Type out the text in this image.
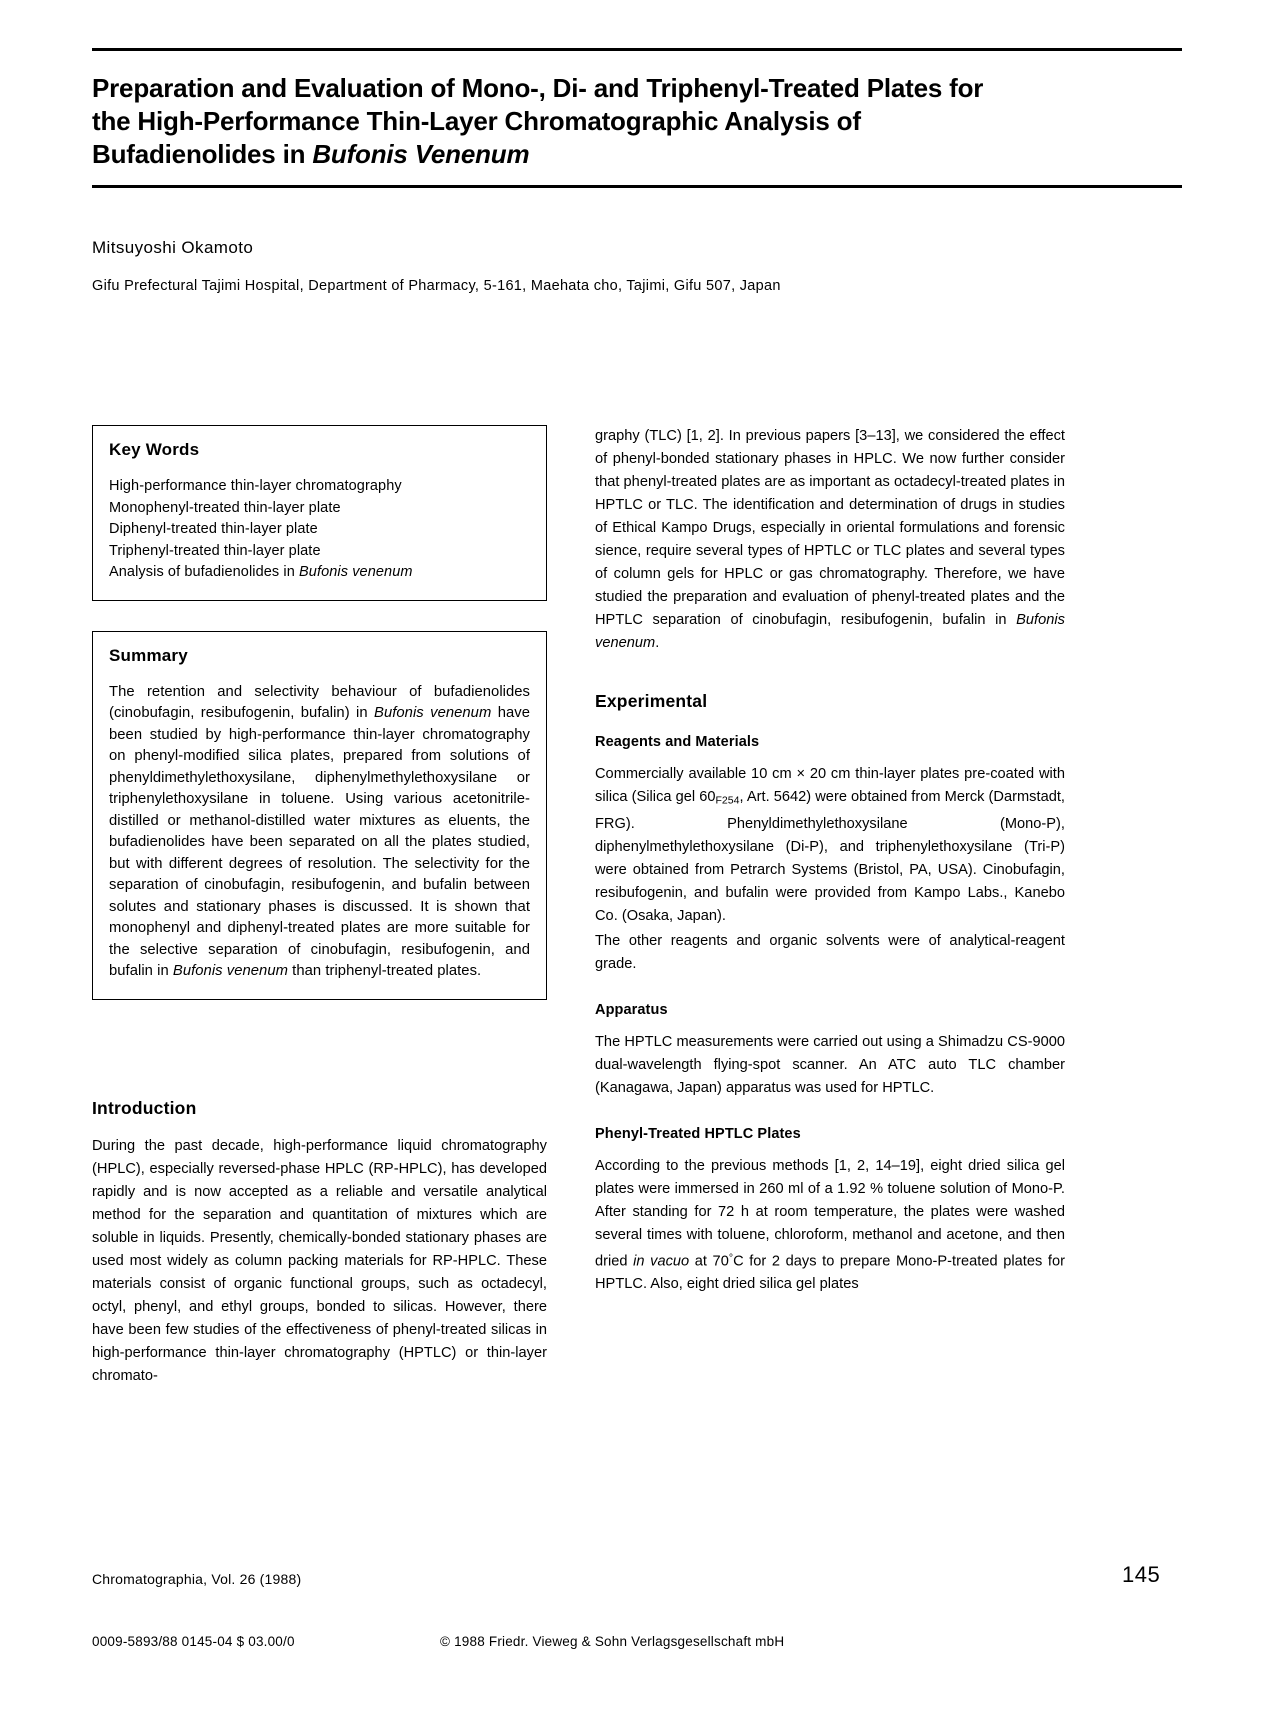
Preparation and Evaluation of Mono-, Di- and Triphenyl-Treated Plates for
the High-Performance Thin-Layer Chromatographic Analysis of
Bufadienolides in Bufonis Venenum
Mitsuyoshi Okamoto
Gifu Prefectural Tajimi Hospital, Department of Pharmacy, 5-161, Maehata cho, Tajimi, Gifu 507, Japan
Key Words
High-performance thin-layer chromatography
Monophenyl-treated thin-layer plate
Diphenyl-treated thin-layer plate
Triphenyl-treated thin-layer plate
Analysis of bufadienolides in Bufonis venenum
Summary

The retention and selectivity behaviour of bufadienolides (cinobufagin, resibufogenin, bufalin) in Bufonis venenum have been studied by high-performance thin-layer chromatography on phenyl-modified silica plates, prepared from solutions of phenyldimethylethoxysilane, diphenylmethylethoxysilane or triphenylethoxysilane in toluene. Using various acetonitrile-distilled or methanol-distilled water mixtures as eluents, the bufadienolides have been separated on all the plates studied, but with different degrees of resolution. The selectivity for the separation of cinobufagin, resibufogenin, and bufalin between solutes and stationary phases is discussed. It is shown that monophenyl and diphenyl-treated plates are more suitable for the selective separation of cinobufagin, resibufogenin, and bufalin in Bufonis venenum than triphenyl-treated plates.

Introduction

During the past decade, high-performance liquid chromatography (HPLC), especially reversed-phase HPLC (RP-HPLC), has developed rapidly and is now accepted as a reliable and versatile analytical method for the separation and quantitation of mixtures which are soluble in liquids. Presently, chemically-bonded stationary phases are used most widely as column packing materials for RP-HPLC. These materials consist of organic functional groups, such as octadecyl, octyl, phenyl, and ethyl groups, bonded to silicas. However, there have been few studies of the effectiveness of phenyl-treated silicas in high-performance thin-layer chromatography (HPTLC) or thin-layer chromato-

graphy (TLC) [1, 2]. In previous papers [3–13], we considered the effect of phenyl-bonded stationary phases in HPLC. We now further consider that phenyl-treated plates are as important as octadecyl-treated plates in HPTLC or TLC. The identification and determination of drugs in studies of Ethical Kampo Drugs, especially in oriental formulations and forensic sience, require several types of HPTLC or TLC plates and several types of column gels for HPLC or gas chromatography. Therefore, we have studied the preparation and evaluation of phenyl-treated plates and the HPTLC separation of cinobufagin, resibufogenin, bufalin in Bufonis venenum.

Experimental
Reagents and Materials

Commercially available 10 cm × 20 cm thin-layer plates pre-coated with silica (Silica gel $60_{F254}$, Art. 5642) were obtained from Merck (Darmstadt, FRG). Phenyldimethylethoxysilane (Mono-P), diphenylmethylethoxysilane (Di-P), and triphenylethoxysilane (Tri-P) were obtained from Petrarch Systems (Bristol, PA, USA). Cinobufagin, resibufogenin, and bufalin were provided from Kampo Labs., Kanebo Co. (Osaka, Japan).

The other reagents and organic solvents were of analytical-reagent grade.

Apparatus

The HPTLC measurements were carried out using a Shimadzu CS-9000 dual-wavelength flying-spot scanner. An ATC auto TLC chamber (Kanagawa, Japan) apparatus was used for HPTLC.

Phenyl-Treated HPTLC Plates

According to the previous methods [1, 2, 14–19], eight dried silica gel plates were immersed in 260 ml of a 1.92 % toluene solution of Mono-P. After standing for 72 h at room temperature, the plates were washed several times with toluene, chloroform, methanol and acetone, and then dried in vacuo at 70°C for 2 days to prepare Mono-P-treated plates for HPTLC. Also, eight dried silica gel plates

Chromatographia, Vol. 26 (1988)	145
0009-5893/88 0145-04 $ 03.00/0	© 1988 Friedr. Vieweg & Sohn Verlagsgesellschaft mbH
